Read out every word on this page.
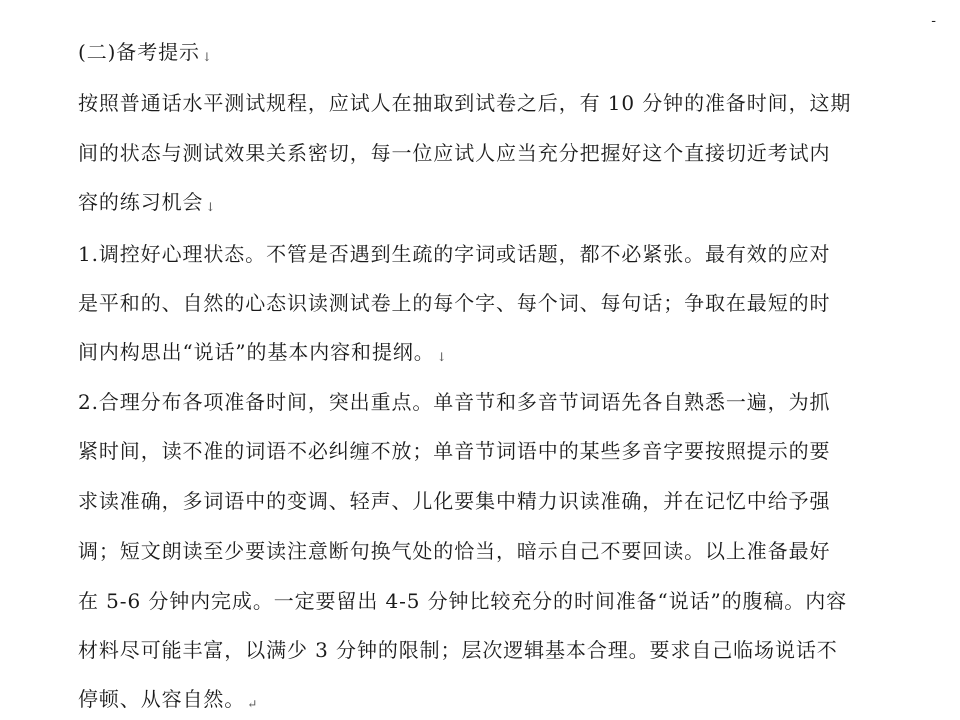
-
(二)备考提示 ↓
按照普通话水平测试规程，应试人在抽取到试卷之后，有 10 分钟的准备时间，这期
间的状态与测试效果关系密切，每一位应试人应当充分把握好这个直接切近考试内
容的练习机会 ↓
1.调控好心理状态。不管是否遇到生疏的字词或话题，都不必紧张。最有效的应对
是平和的、自然的心态识读测试卷上的每个字、每个词、每句话；争取在最短的时
间内构思出“说话”的基本内容和提纲。 ↓
2.合理分布各项准备时间，突出重点。单音节和多音节词语先各自熟悉一遍，为抓
紧时间，读不准的词语不必纠缠不放；单音节词语中的某些多音字要按照提示的要
求读准确，多词语中的变调、轻声、儿化要集中精力识读准确，并在记忆中给予强
调；短文朗读至少要读注意断句换气处的恰当，暗示自己不要回读。以上准备最好
在 5-6 分钟内完成。一定要留出 4-5 分钟比较充分的时间准备“说话”的腹稿。内容
材料尽可能丰富，以满少 3 分钟的限制；层次逻辑基本合理。要求自己临场说话不
停顿、从容自然。 ↵
